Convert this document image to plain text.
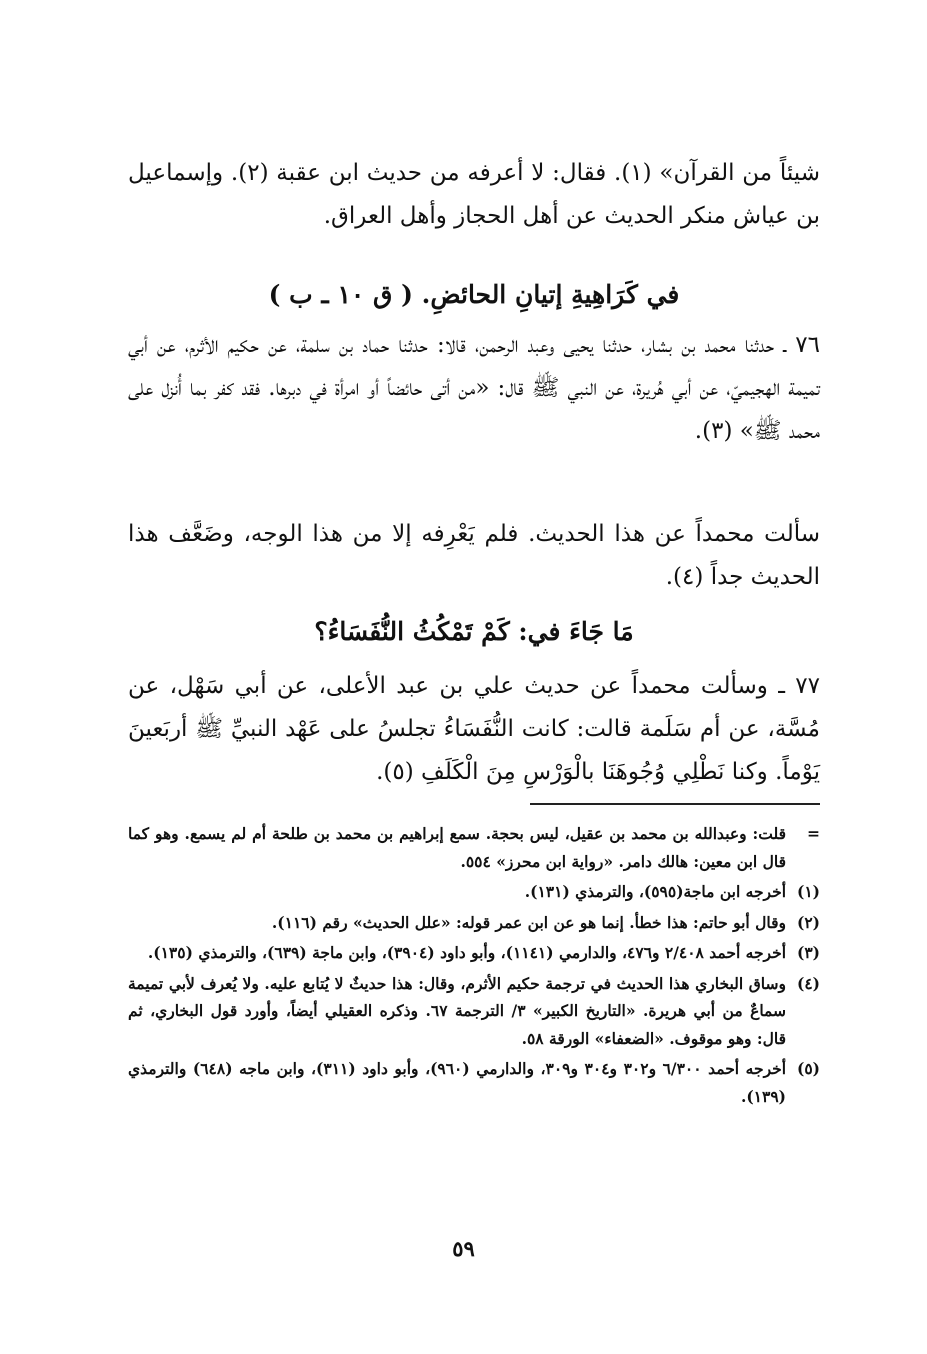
شيئاً من القرآن» (١). فقال: لا أعرفه من حديث ابن عقبة (٢). وإسماعيل بن عياش منكر الحديث عن أهل الحجاز وأهل العراق.
في كَرَاهِيةِ إتيانِ الحائضِ. ( ق ١٠ ـ ب )
٧٦ ـ حدثنا محمد بن بشار، حدثنا يحيى وعبد الرحمن، قالا: حدثنا حماد بن سلمة، عن حكيم الأثرم، عن أبي تميمة الهجيميّ، عن أبي هُريرة، عن النبي ﷺ قال: «من أتى حائضاً أو امرأة في دبرها. فقد كفر بما أُنزل على محمد ﷺ» (٣).
سألت محمداً عن هذا الحديث. فلم يَعْرِفه إلا من هذا الوجه، وضَعَّف هذا الحديث جداً (٤).
مَا جَاءَ في: كَمْ تَمْكُثُ النُّفَسَاءُ؟
٧٧ ـ وسألت محمداً عن حديث علي بن عبد الأعلى، عن أبي سَهْل، عن مُسَّة، عن أم سَلَمة قالت: كانت النُّفَسَاءُ تجلسُ على عَهْد النبيِّ ﷺ أربَعينَ يَوْماً. وكنا نَطْلِي وُجُوهَنَا بالْوَرْسِ مِنَ الْكَلَفِ (٥).
=
قلت: وعبدالله بن محمد بن عقيل، ليس بحجة. سمع إبراهيم بن محمد بن طلحة أم لم يسمع. وهو كما قال ابن معين: هالك دامر. «رواية ابن محرز» ٥٥٤.
(١)
أخرجه ابن ماجة(٥٩٥)، والترمذي (١٣١).
(٢)
وقال أبو حاتم: هذا خطأ. إنما هو عن ابن عمر قوله: «علل الحديث» رقم (١١٦).
(٣)
أخرجه أحمد ٢/٤٠٨ و٤٧٦، والدارمي (١١٤١)، وأبو داود (٣٩٠٤)، وابن ماجة (٦٣٩)، والترمذي (١٣٥).
(٤)
وساق البخاري هذا الحديث في ترجمة حكيم الأثرم، وقال: هذا حديثٌ لا يُتابع عليه. ولا يُعرف لأبي تميمة سماعٌ من أبي هريرة. «التاريخ الكبير» ٣/ الترجمة ٦٧. وذكره العقيلي أيضاً، وأورد قول البخاري، ثم قال: وهو موقوف. «الضعفاء» الورقة ٥٨.
(٥)
أخرجه أحمد ٦/٣٠٠ و٣٠٢ و٣٠٤ و٣٠٩، والدارمي (٩٦٠)، وأبو داود (٣١١)، وابن ماجه (٦٤٨) والترمذي (١٣٩).
٥٩
